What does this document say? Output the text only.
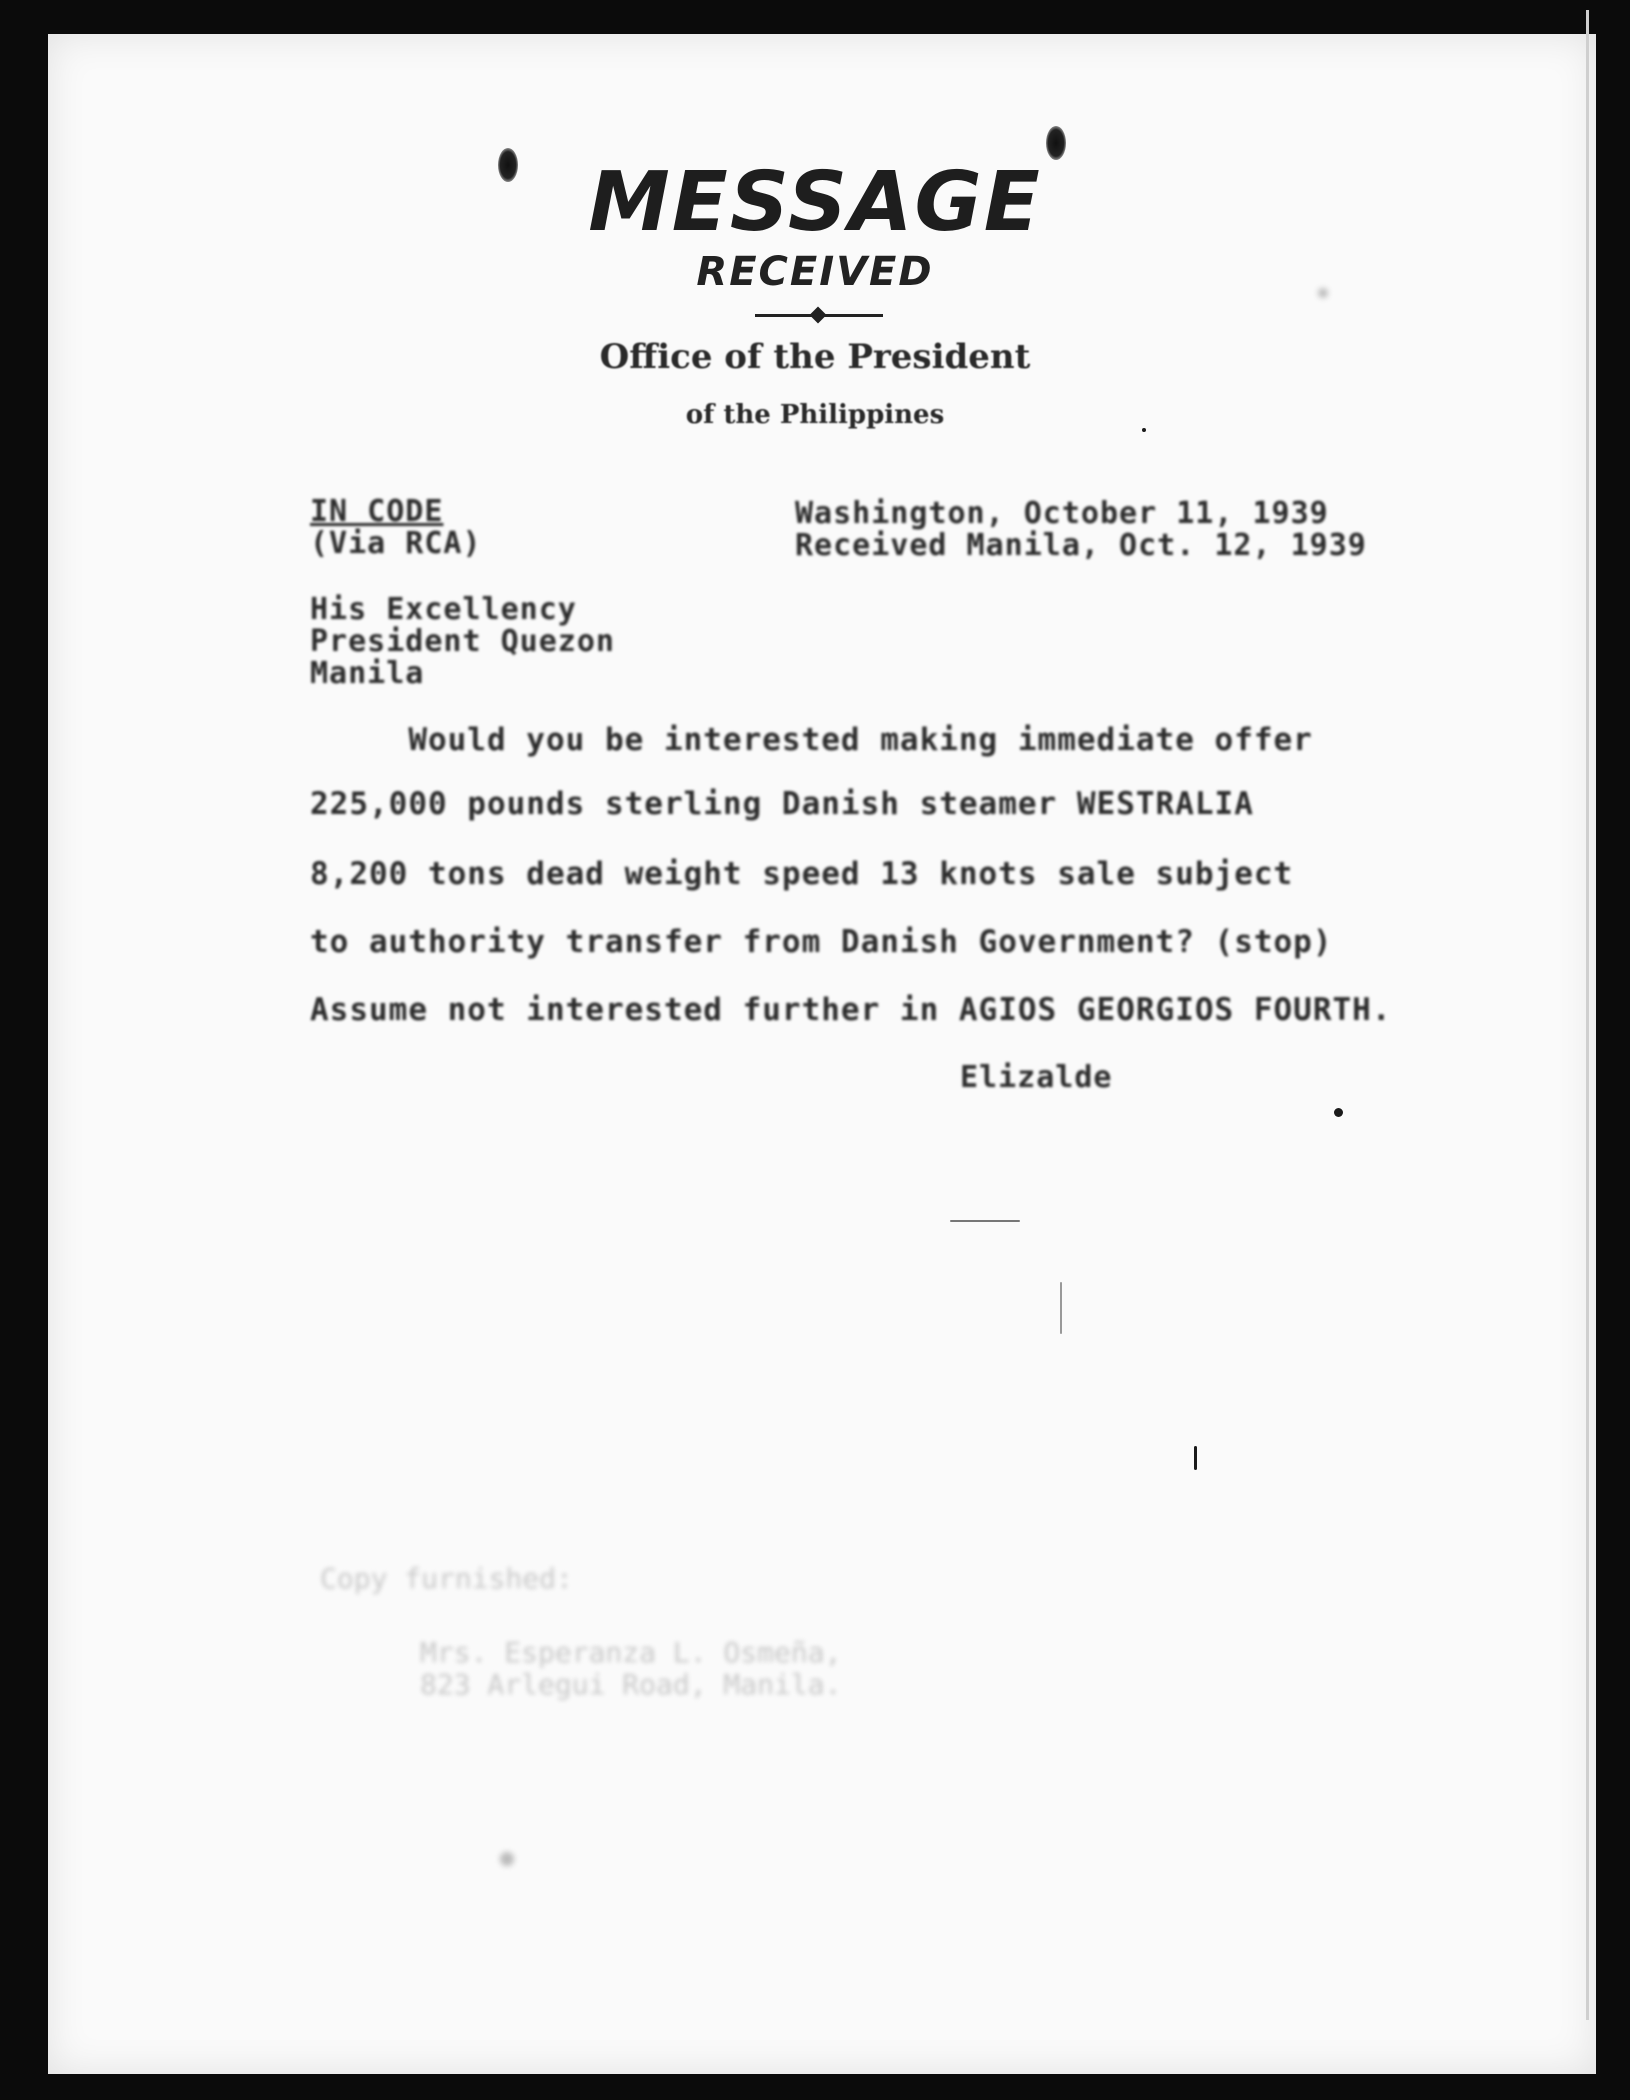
MESSAGE
RECEIVED
Office of the President
of the Philippines
IN CODE
(Via RCA)
Washington, October 11, 1939
Received Manila, Oct. 12, 1939
His Excellency
President Quezon
Manila
Would you be interested making immediate offer
225,000 pounds sterling Danish steamer WESTRALIA
8,200 tons dead weight speed 13 knots sale subject
to authority transfer from Danish Government? (stop)
Assume not interested further in AGIOS GEORGIOS FOURTH.
Elizalde
Copy furnished:
Mrs. Esperanza L. Osmeña,
823 Arlegui Road, Manila.
